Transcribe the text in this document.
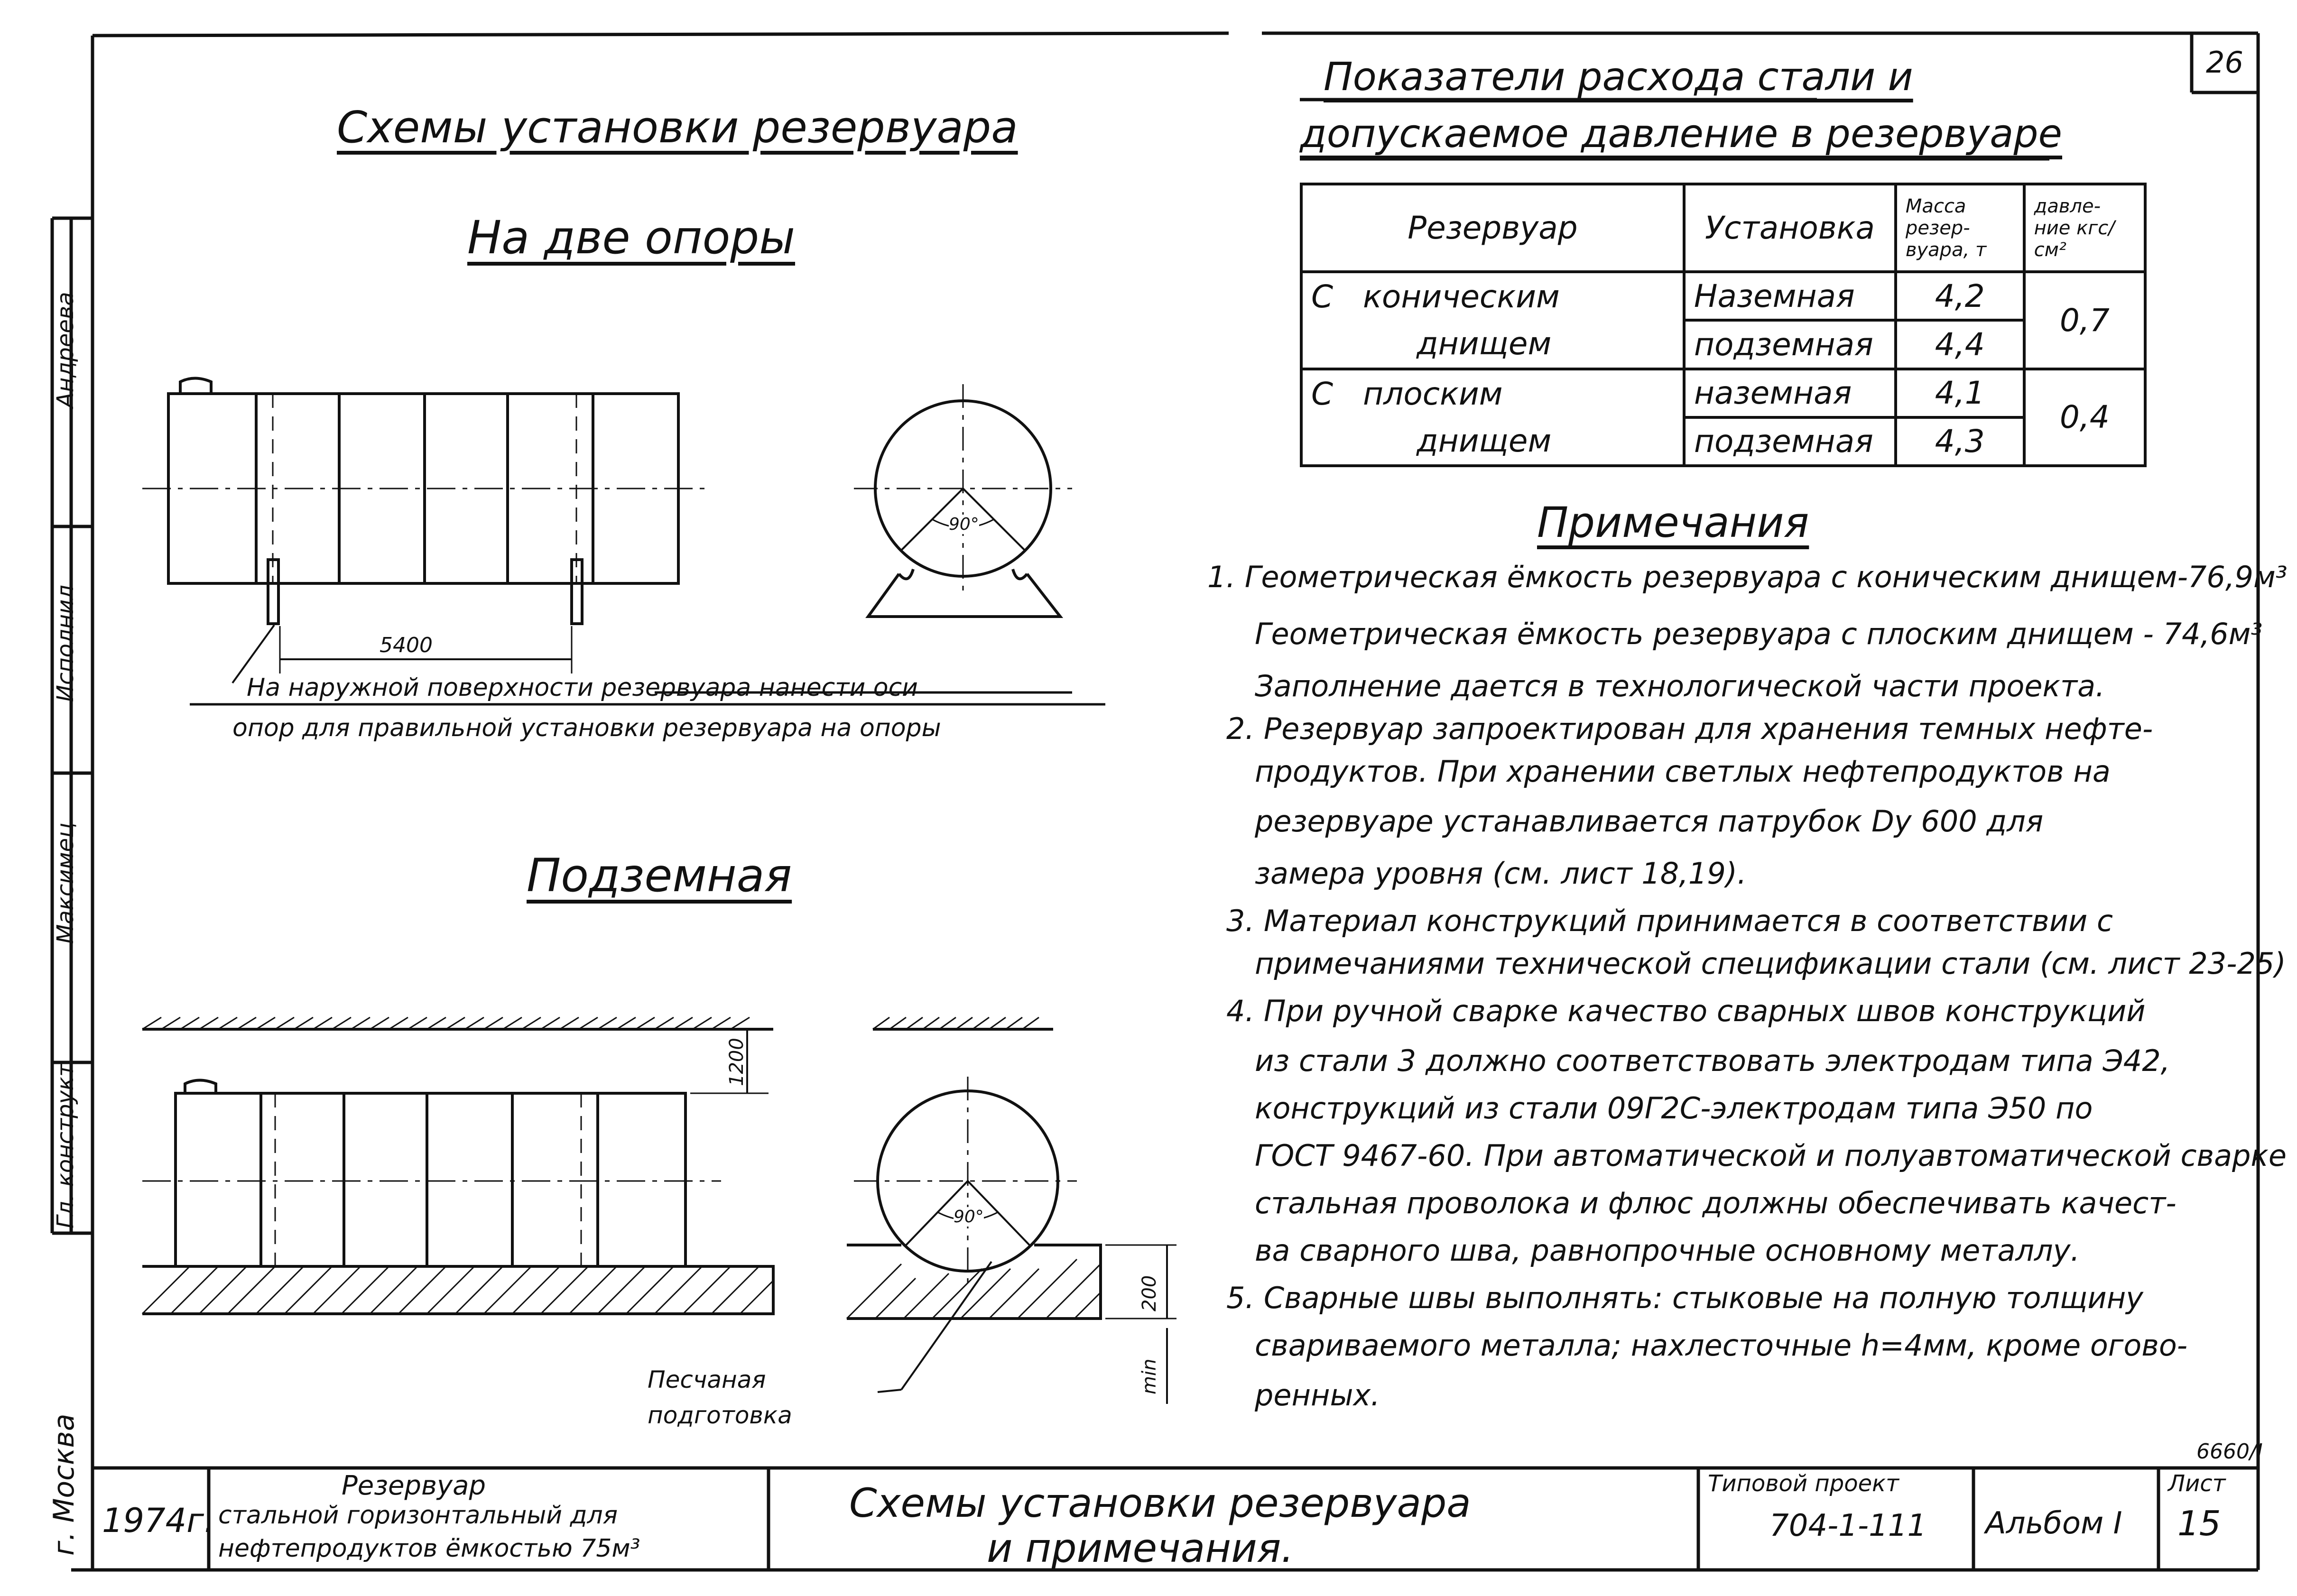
26
Схемы установки резервуара
На две опоры
Подземная
5400
90°
90°
1200
200
min
На наружной поверхности резервуара нанести оси
опор для правильной установки резервуара на опоры
Песчаная
подготовка
Показатели расхода стали и
допускаемое давление в резервуаре
Резервуар	Установка	Масса резер- вуара, т	давле- ние кгс/см²
С коническим	Наземная	4,2	0,7
днищем	подземная	4,4	
С плоским	наземная	4,1	0,4
днищем	подземная	4,3	
Примечания
1. Геометрическая ёмкость резервуара с коническим днищем-76,9м³
Геометрическая ёмкость резервуара с плоским днищем - 74,6м³
Заполнение дается в технологической части проекта.
2. Резервуар запроектирован для хранения темных нефте-
продуктов. При хранении светлых нефтепродуктов на
резервуаре устанавливается патрубок Dу 600 для
замера уровня (см. лист 18,19).
3. Материал конструкций принимается в соответствии с
примечаниями технической спецификации стали (см. лист 23-25)
4. При ручной сварке качество сварных швов конструкций
из стали 3 должно соответствовать электродам типа Э42,
конструкций из стали 09Г2С-электродам типа Э50 по
ГОСТ 9467-60. При автоматической и полуавтоматической сварке
стальная проволока и флюс должны обеспечивать качест-
ва сварного шва, равнопрочные основному металлу.
5. Сварные швы выполнять: стыковые на полную толщину
свариваемого металла; нахлесточные h=4мм, кроме огово-
ренных.
Гл. конструкт
Максимец
Исполнил
Андреева
г. Москва 1974г.
Резервуар
стальной горизонтальный для
нефтепродуктов ёмкостью 75м³
Схемы установки резервуара
и примечания.
Типовой проект
704-1-111 Альбом I
Лист
15
6660/I
